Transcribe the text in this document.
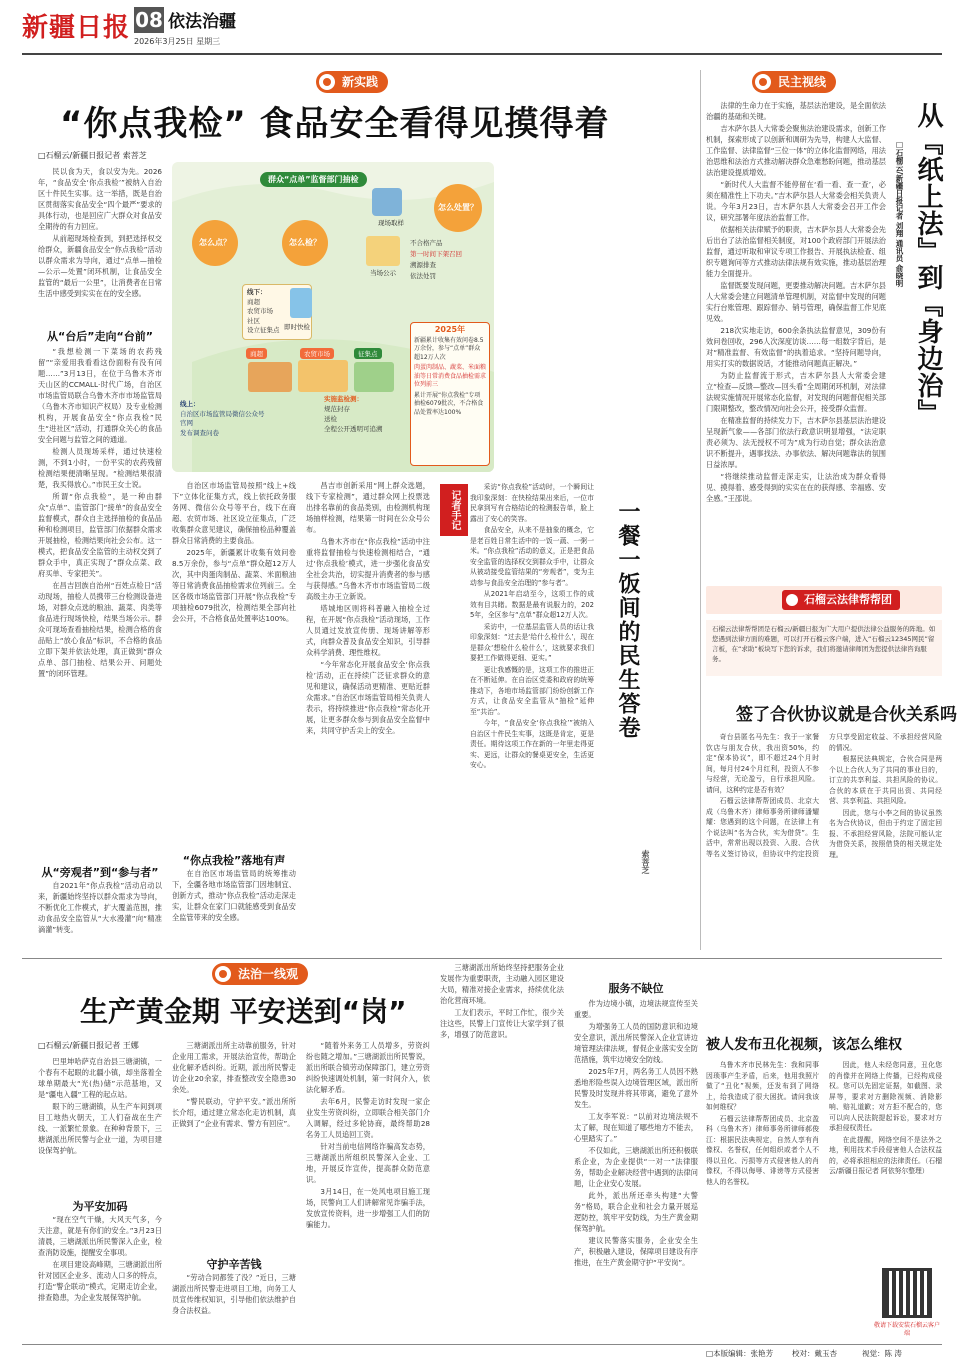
新疆日报 08 依法治疆
2026年3月25日 星期三
新实践
“你点我检” 食品安全看得见摸得着
□石榴云/新疆日报记者 索菩芝

民以食为天，食以安为先。2026年，“食品安全‘你点我检’”被纳入自治区十件民生实事。这一举措，既是自治区贯彻落实食品安全“四个最严”要求的具体行动，也是回应广大群众对食品安全期待的有力回应。

从前超现场检查到，到把选择权交给群众，新疆食品安全“你点我检”活动以群众需求为导向，通过“点单—抽检—公示—处置”闭环机制，让食品安全监管的“最后一公里”，让消费者在日常生活中感受到实实在在的安全感。

从“台后”走向“台前”

“我想检测一下菜场的农药残留”“亲爱用我看看这份面粉有没有问题……”3月13日，在位于乌鲁木齐市天山区的CCMALL·时代广场，自治区市场监管局联合乌鲁木齐市市场监管局（乌鲁木齐市知识产权局）及专业检测机构，开展食品安全“你点我检”民生“进社区”活动，打通群众关心的食品安全问题与监管之间的通道。

检测人员现场采样，通过快速检测，不到1小时，一份平实的农药残留检测结果便清晰呈现。“检测结果很清楚，我买得放心。”市民王女士说。

所谓“你点我检”，是一种由群众“点单”、监管部门“接单”的食品安全监督模式，群众自主选择抽检的食品品种和检测项目，监管部门依据群众需求开展抽检，检测结果向社会公布。这一模式，把食品安全监管的主动权交到了群众手中，真正实现了“群众点菜、政府买单、专家把关”。

在昌吉回族自治州“百姓点检日”活动现场，抽检人员携带三台检测设备进场，对群众点选的粮油、蔬菜、肉类等食品进行现场快检，结果当场公示。群众可现场查看抽检结果，检测合格的食品贴上“放心食品”标识，不合格的食品立即下架并依法处理，真正做到“群众点单、部门抽检、结果公开、问题处置”的闭环管理。

从“旁观者”到“参与者”

自2021年“你点我检”活动启动以来，新疆始终坚持以群众需求为导向，不断优化工作模式，扩大覆盖范围，推动食品安全监管从“大水漫灌”向“精准滴灌”转变。

群众“点单”监督部门抽检
怎么点？	怎么检？
怎么处置？
线下：
商超
农贸市场
社区
设立征集点
线上：
自治区市场监管局微信公众号
官网
发布调查问卷
商超	农贸市场	征集点
现场取样
即时快检
当场公示
不合格产品
第一时间下架召回
溯源排查
依法处罚
实施监检测：
规范封存
送检
全程公开透明可追溯
2025年
新疆累计收集有效问卷8.5万余份，参与“点单”群众超12万人次
肉蛋肉制品、蔬菜、米面粮油等日常消费食品抽检需求位列前三
累计开展“你点我检”专项抽检6079批次，不合格食品处置率达100%

自治区市场监管局按照“线上+线下”立体化征集方式，线上依托政务服务网、微信公众号等平台，线下在商超、农贸市场、社区设立征集点，广泛收集群众意见建议，确保抽检品种覆盖群众日常消费的主要食品。

2025年，新疆累计收集有效问卷8.5万余份，参与“点单”群众超12万人次，其中肉蛋肉制品、蔬菜、米面粮油等日常消费食品抽检需求位列前三。全区各级市场监管部门开展“你点我检”专项抽检6079批次，检测结果全部向社会公开，不合格食品处置率达100%。

“你点我检”落地有声

在自治区市场监管局的统筹推动下，全疆各地市场监管部门因地制宜、创新方式，推动“你点我检”活动走深走实，让群众在家门口就能感受到食品安全监管带来的安全感。

昌吉市创新采用“网上群众选题，线下专家检测”，通过群众网上投票选出排名靠前的食品类别，由检测机构现场抽样检测，结果第一时间在公众号公布。

乌鲁木齐市在“你点我检”活动中注重将监督抽检与快速检测相结合，“通过‘你点我检’模式，进一步强化食品安全社会共治，切实提升消费者的参与感与获得感。”乌鲁木齐市市场监管局二级高级主办王立新说。

塔城地区则将科普融入抽检全过程，在开展“你点我检”活动现场，工作人员通过发放宣传册、现场讲解等形式，向群众普及食品安全知识，引导群众科学消费、理性维权。

“今年常态化开展食品安全‘你点我检’活动，正在持续广泛征求群众的意见和建议，确保活动更精准、更贴近群众需求。”自治区市场监管局相关负责人表示，将持续推进“你点我检”常态化开展，让更多群众参与到食品安全监督中来，共同守护舌尖上的安全。

记者手记

采访“你点我检”活动时，一个瞬间让我印象深刻：在快检结果出来后，一位市民拿到写有合格结论的检测报告单，脸上露出了安心的笑容。

食品安全，从来不是抽象的概念，它是老百姓日常生活中的一饭一蔬、一粥一米。“你点我检”活动的意义，正是把食品安全监管的选择权交到群众手中，让群众从被动接受监管结果的“旁观者”，变为主动参与食品安全治理的“参与者”。

从2021年启动至今，这项工作的成效有目共睹。数据是最有说服力的，2025年，全区参与“点单”群众超12万人次。

采访中，一位基层监管人员的话让我印象深刻：“过去是‘给什么检什么’，现在是群众‘想检什么检什么’，这就要求我们要把工作做得更细、更实。”

更让我感慨的是，这项工作的推进正在不断延伸。在自治区党委和政府的统筹推动下，各地市场监管部门纷纷创新工作方式，让食品安全监管从“抽检”延伸至“共治”。

今年，“食品安全‘你点我检’”被纳入自治区十件民生实事，这既是肯定，更是责任。期待这项工作在新的一年里走得更实、更远，让群众的餐桌更安全，生活更安心。

一餐一饭间的民生答卷
索菩芝
民主视线
从『纸上法』到『身边治』
□石榴云/新疆日报记者 刘翔 通讯员 俞晓明

法律的生命力在于实施，基层法治建设，是全面依法治疆的基础和关键。

吉木萨尔县人大常委会聚焦法治建设需求，创新工作机制，探索形成了以创新和调研为先导，构建人大监督、工作监督、法律监督“三位一体”的立体化监督网络，用法治思维和法治方式推动解决群众急难愁盼问题，推动基层法治建设提质增效。

“新时代人大监督不能停留在‘看一看、查一查’，必须在精准性上下功夫。”吉木萨尔县人大常委会相关负责人说。今年3月23日，吉木萨尔县人大常委会召开工作会议，研究部署年度法治监督工作。

依据相关法律赋予的职责，吉木萨尔县人大常委会先后出台了法治监督相关制度，对100个政府部门开展法治监督，通过听取和审议专项工作报告、开展执法检查、组织专题询问等方式推动法律法规有效实施，推动基层治理能力全面提升。

监督既要发现问题，更要推动解决问题。吉木萨尔县人大常委会建立问题清单管理机制，对监督中发现的问题实行台账管理、跟踪督办、销号管理，确保监督工作见底见效。

218次实地走访，600余条执法监督意见，309份有效问卷回收，296人次深度访谈……每一组数字背后，是对“精准监督、有效监督”的执着追求。“坚持问题导向，用实打实的数据说话，才能推动问题真正解决。”

为防止监督流于形式，吉木萨尔县人大常委会建立“检查—反馈—整改—回头看”全周期闭环机制，对法律法规实施情况开展常态化监督，对发现的问题督促相关部门限期整改，整改情况向社会公开，接受群众监督。

在精准监督的持续发力下，吉木萨尔县基层法治建设呈现新气象——各部门依法行政意识明显增强，“法定职责必须为、法无授权不可为”成为行动自觉；群众法治意识不断提升，遇事找法、办事依法、解决问题靠法的氛围日益浓厚。

“将继续推动监督走深走实，让法治成为群众看得见、摸得着、感受得到的实实在在的获得感、幸福感、安全感。”王邵说。

石榴云法律帮帮团
石榴云法律帮帮团是石榴云/新疆日报为广大用户提供法律公益服务的阵地。如您遇到法律方面的难题，可以打开石榴云客户端，进入“石榴云12345网民”留言板，在“求助”板块写下您的诉求，我们将邀请律师团为您提供法律咨询服务。
签了合伙协议就是合伙关系吗

奇台县匿名马先生：我于一家餐饮店与朋友合伙，我出资50%，约定“保本协议”，即不超过24个月时间，每月付24个月红利，投资人不参与经营，无论盈亏，自行承担风险。请问，这种约定是否有效？

石榴云法律帮帮团成员、北京大成（乌鲁木齐）律师事务所律师潘耀耀：您遇到的这个问题，在法律上有个说法叫“名为合伙，实为借贷”。生活中，常常出现以投资、入股、合伙等名义签订协议，但协议中约定投资方只享受固定收益、不承担经营风险的情况。

根据民法典规定，合伙合同是两个以上合伙人为了共同的事业目的，订立的共享利益、共担风险的协议。合伙的本质在于共同出资、共同经营、共享利益、共担风险。

因此，您与小李之间的协议虽然名为合伙协议，但由于约定了固定回报、不承担经营风险，法院可能认定为借贷关系，按照借贷的相关规定处理。

法治一线观
生产黄金期 平安送到“岗”
□石榴云/新疆日报记者 王娜

巴里坤哈萨克自治县三塘湖镇，一个春有不起眼的北疆小镇，却坐落着全球单期最大“光(热)储”示范基地，又是“疆电入疆”工程的起点站。

眼下的三塘湖镇，从生产车间到项目工地热火朝天，工人们奋战在生产线、一派繁忙景象。在种种背景下，三塘湖派出所民警与企业一道，为项目建设保驾护航。

为平安加码

“现在空气干燥，大风天气多，今天注意，就是有你们的安全。”3月23日清晨，三塘湖派出所民警深入企业，检查消防设施，提醒安全事项。

在项目建设高峰期，三塘湖派出所针对园区企业多、流动人口多的特点，打造“警企联动”模式，定期走访企业，排查隐患，为企业发展保驾护航。

三塘湖派出所主动靠前服务，针对企业用工需求，开展法治宣传，帮助企业化解矛盾纠纷。近期，派出所民警走访企业20余家，排查整改安全隐患30余处。

“警民联动，守护平安。”派出所所长介绍，通过建立常态化走访机制，真正做到了“企业有需求、警方有回应”。

守护辛苦钱

“劳动合同都签了没？”近日，三塘湖派出所民警走进项目工地，向务工人员宣传维权知识，引导他们依法维护自身合法权益。

“随着外来务工人员增多，劳资纠纷也随之增加。”三塘湖派出所民警说，派出所联合镇劳动保障部门，建立劳资纠纷快速调处机制，第一时间介入，依法化解矛盾。

去年6月，民警走访时发现一家企业发生劳资纠纷，立即联合相关部门介入调解，经过多轮协商，最终帮助28名务工人员追回工资。

针对当前电信网络诈骗高发态势，三塘湖派出所组织民警深入企业、工地，开展反诈宣传，提高群众防范意识。

3月14日，在一处风电项目施工现场，民警向工人们讲解常见诈骗手法，发放宣传资料，进一步增强工人们的防骗能力。

三塘湖派出所始终坚持把服务企业发展作为重要职责，主动融入园区建设大局，精准对接企业需求，持续优化法治化营商环境。

工友们表示，平时工作忙，很少关注这些，民警上门宣传让大家学到了很多，增强了防范意识。

服务不缺位

作为边境小镇，边境法规宣传至关重要。

为增强务工人员的国防意识和边境安全意识，派出所民警深入企业宣讲边境管理法律法规，督促企业落实安全防范措施，筑牢边境安全防线。

2025年7月，两名务工人员因不熟悉地形险些误入边境管理区域，派出所民警及时发现并将其带离，避免了意外发生。

工友李军说：“以前对边境法规不太了解，现在知道了哪些地方不能去，心里踏实了。”

不仅如此，三塘湖派出所还积极联系企业，为企业提供“一对一”法律服务，帮助企业解决经营中遇到的法律问题，让企业安心发展。

此外，派出所还牵头构建“大警务”格局，联合企业和社会力量开展巡逻防控，筑牢平安防线，为生产黄金期保驾护航。

建议民警落实服务，企业安全生产，积极融入建设，保障项目建设有序推进，在生产黄金期守护“平安岗”。

被人发布丑化视频，该怎么维权

乌鲁木齐市民林先生：我和同事因琐事产生矛盾，后来，他用我照片做了“丑化”视频，还发布到了网络上，给我造成了很大困扰。请问我该如何维权？

石榴云法律帮帮团成员、北京盈科（乌鲁木齐）律师事务所律师郝俊江：根据民法典规定，自然人享有肖像权、名誉权，任何组织或者个人不得以丑化、污损等方式侵害他人的肖像权，不得以侮辱、诽谤等方式侵害他人的名誉权。

因此，他人未经您同意，丑化您的肖像并在网络上传播，已经构成侵权。您可以先固定证据，如截图、录屏等，要求对方删除视频、消除影响、赔礼道歉；对方拒不配合的，您可以向人民法院提起诉讼，要求对方承担侵权责任。

在此提醒，网络空间不是法外之地，利用技术手段侵害他人合法权益的，必将承担相应的法律责任。（石榴云/新疆日报记者 阿依努尔整理）

敬请下载安装石榴云客户端
□本版编辑：张艳芳	校对：戴玉杏	视觉：陈 涛
